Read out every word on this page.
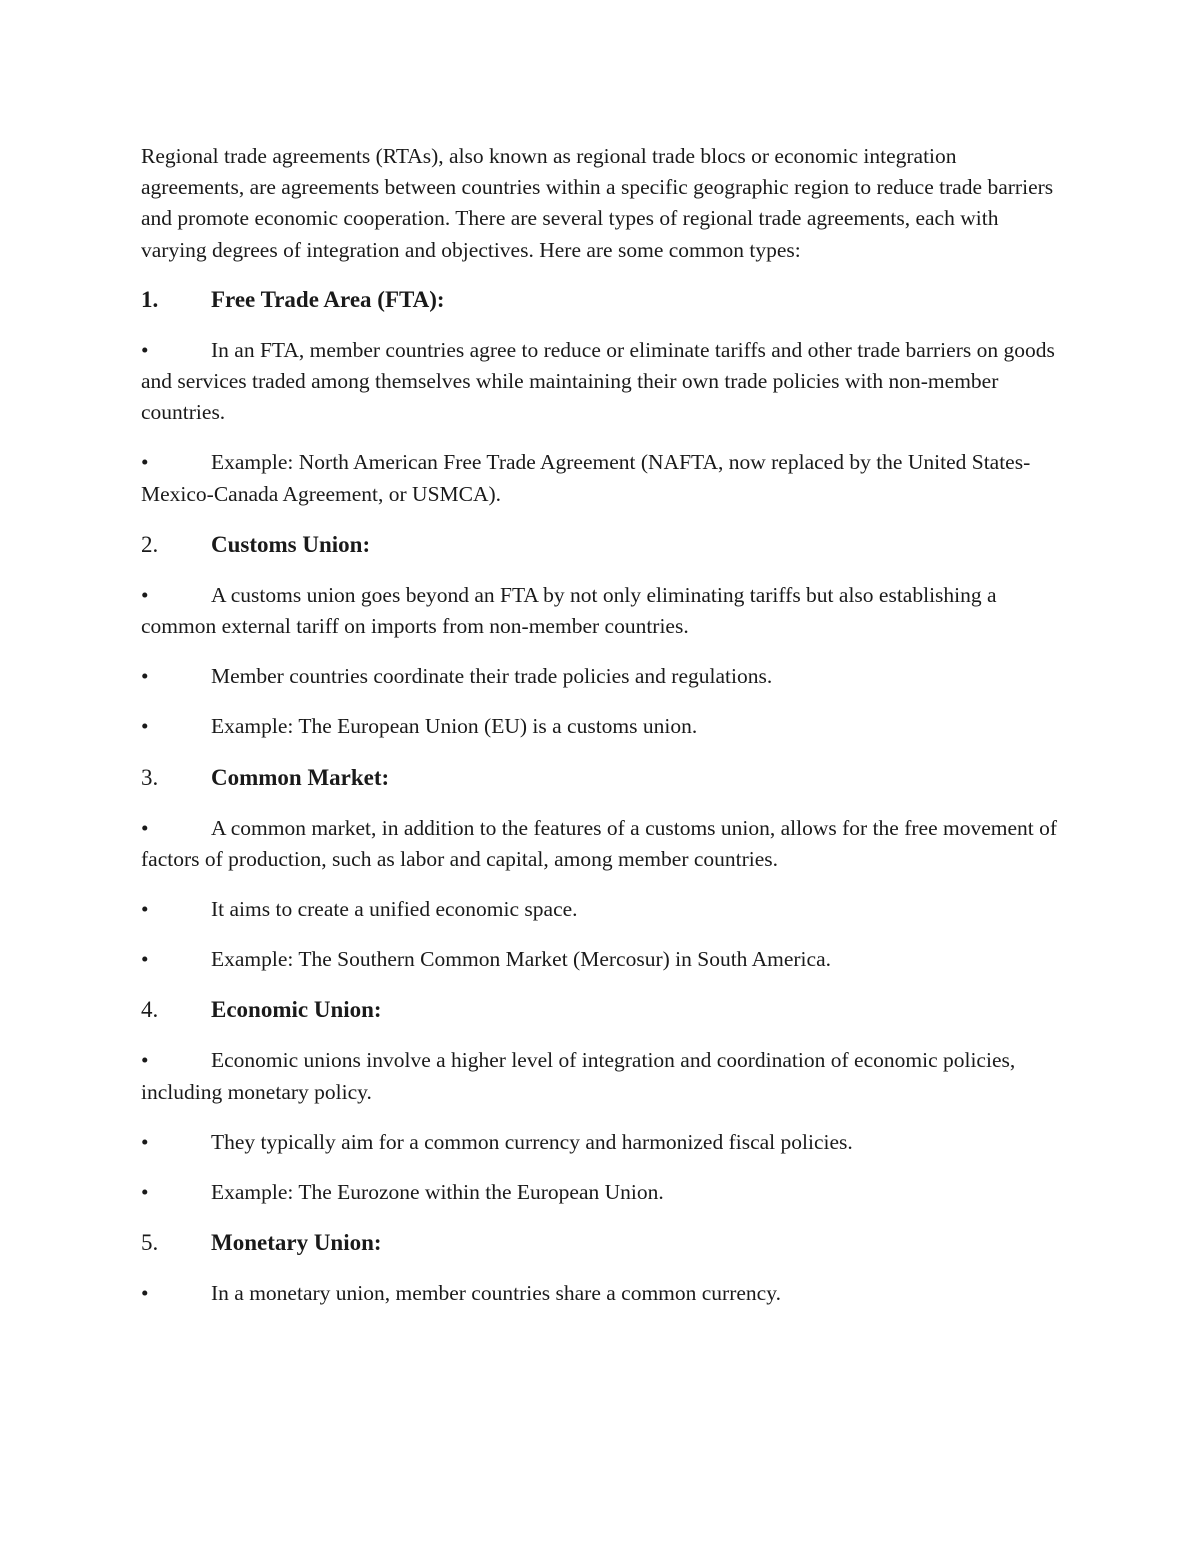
Regional trade agreements (RTAs), also known as regional trade blocs or economic integration agreements, are agreements between countries within a specific geographic region to reduce trade barriers and promote economic cooperation. There are several types of regional trade agreements, each with varying degrees of integration and objectives. Here are some common types:

1.	Free Trade Area (FTA):

•	In an FTA, member countries agree to reduce or eliminate tariffs and other trade barriers on goods and services traded among themselves while maintaining their own trade policies with non-member countries.

•	Example: North American Free Trade Agreement (NAFTA, now replaced by the United States-Mexico-Canada Agreement, or USMCA).

2.	Customs Union:

•	A customs union goes beyond an FTA by not only eliminating tariffs but also establishing a common external tariff on imports from non-member countries.

•	Member countries coordinate their trade policies and regulations.

•	Example: The European Union (EU) is a customs union.

3.	Common Market:

•	A common market, in addition to the features of a customs union, allows for the free movement of factors of production, such as labor and capital, among member countries.

•	It aims to create a unified economic space.

•	Example: The Southern Common Market (Mercosur) in South America.

4.	Economic Union:

•	Economic unions involve a higher level of integration and coordination of economic policies, including monetary policy.

•	They typically aim for a common currency and harmonized fiscal policies.

•	Example: The Eurozone within the European Union.

5.	Monetary Union:

•	In a monetary union, member countries share a common currency.
